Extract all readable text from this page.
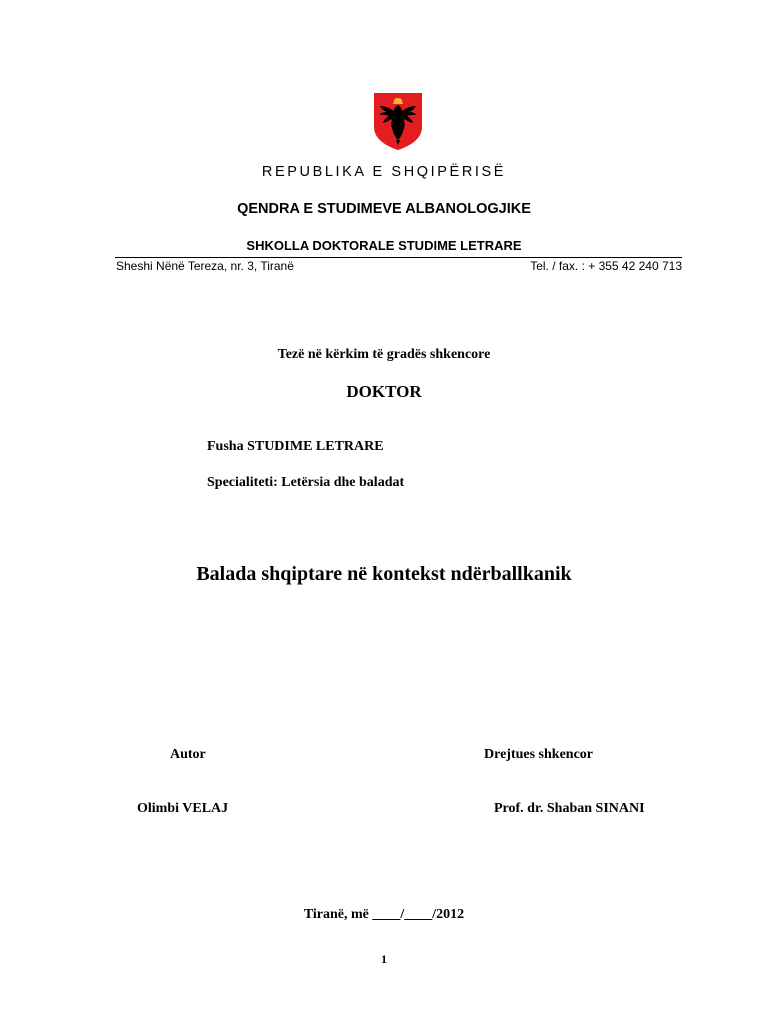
REPUBLIKA E SHQIPËRISË
QENDRA E STUDIMEVE ALBANOLOGJIKE
SHKOLLA DOKTORALE STUDIME LETRARE
Sheshi Nënë Tereza, nr. 3, Tiranë	Tel. / fax. : + 355 42 240 713
Tezë në kërkim të gradës shkencore
DOKTOR
Fusha STUDIME LETRARE
Specialiteti: Letërsia dhe baladat
Balada shqiptare në kontekst ndërballkanik
Autor	Drejtues shkencor
Olimbi VELAJ	Prof. dr. Shaban SINANI
Tiranë, më ____/____/2012
1
